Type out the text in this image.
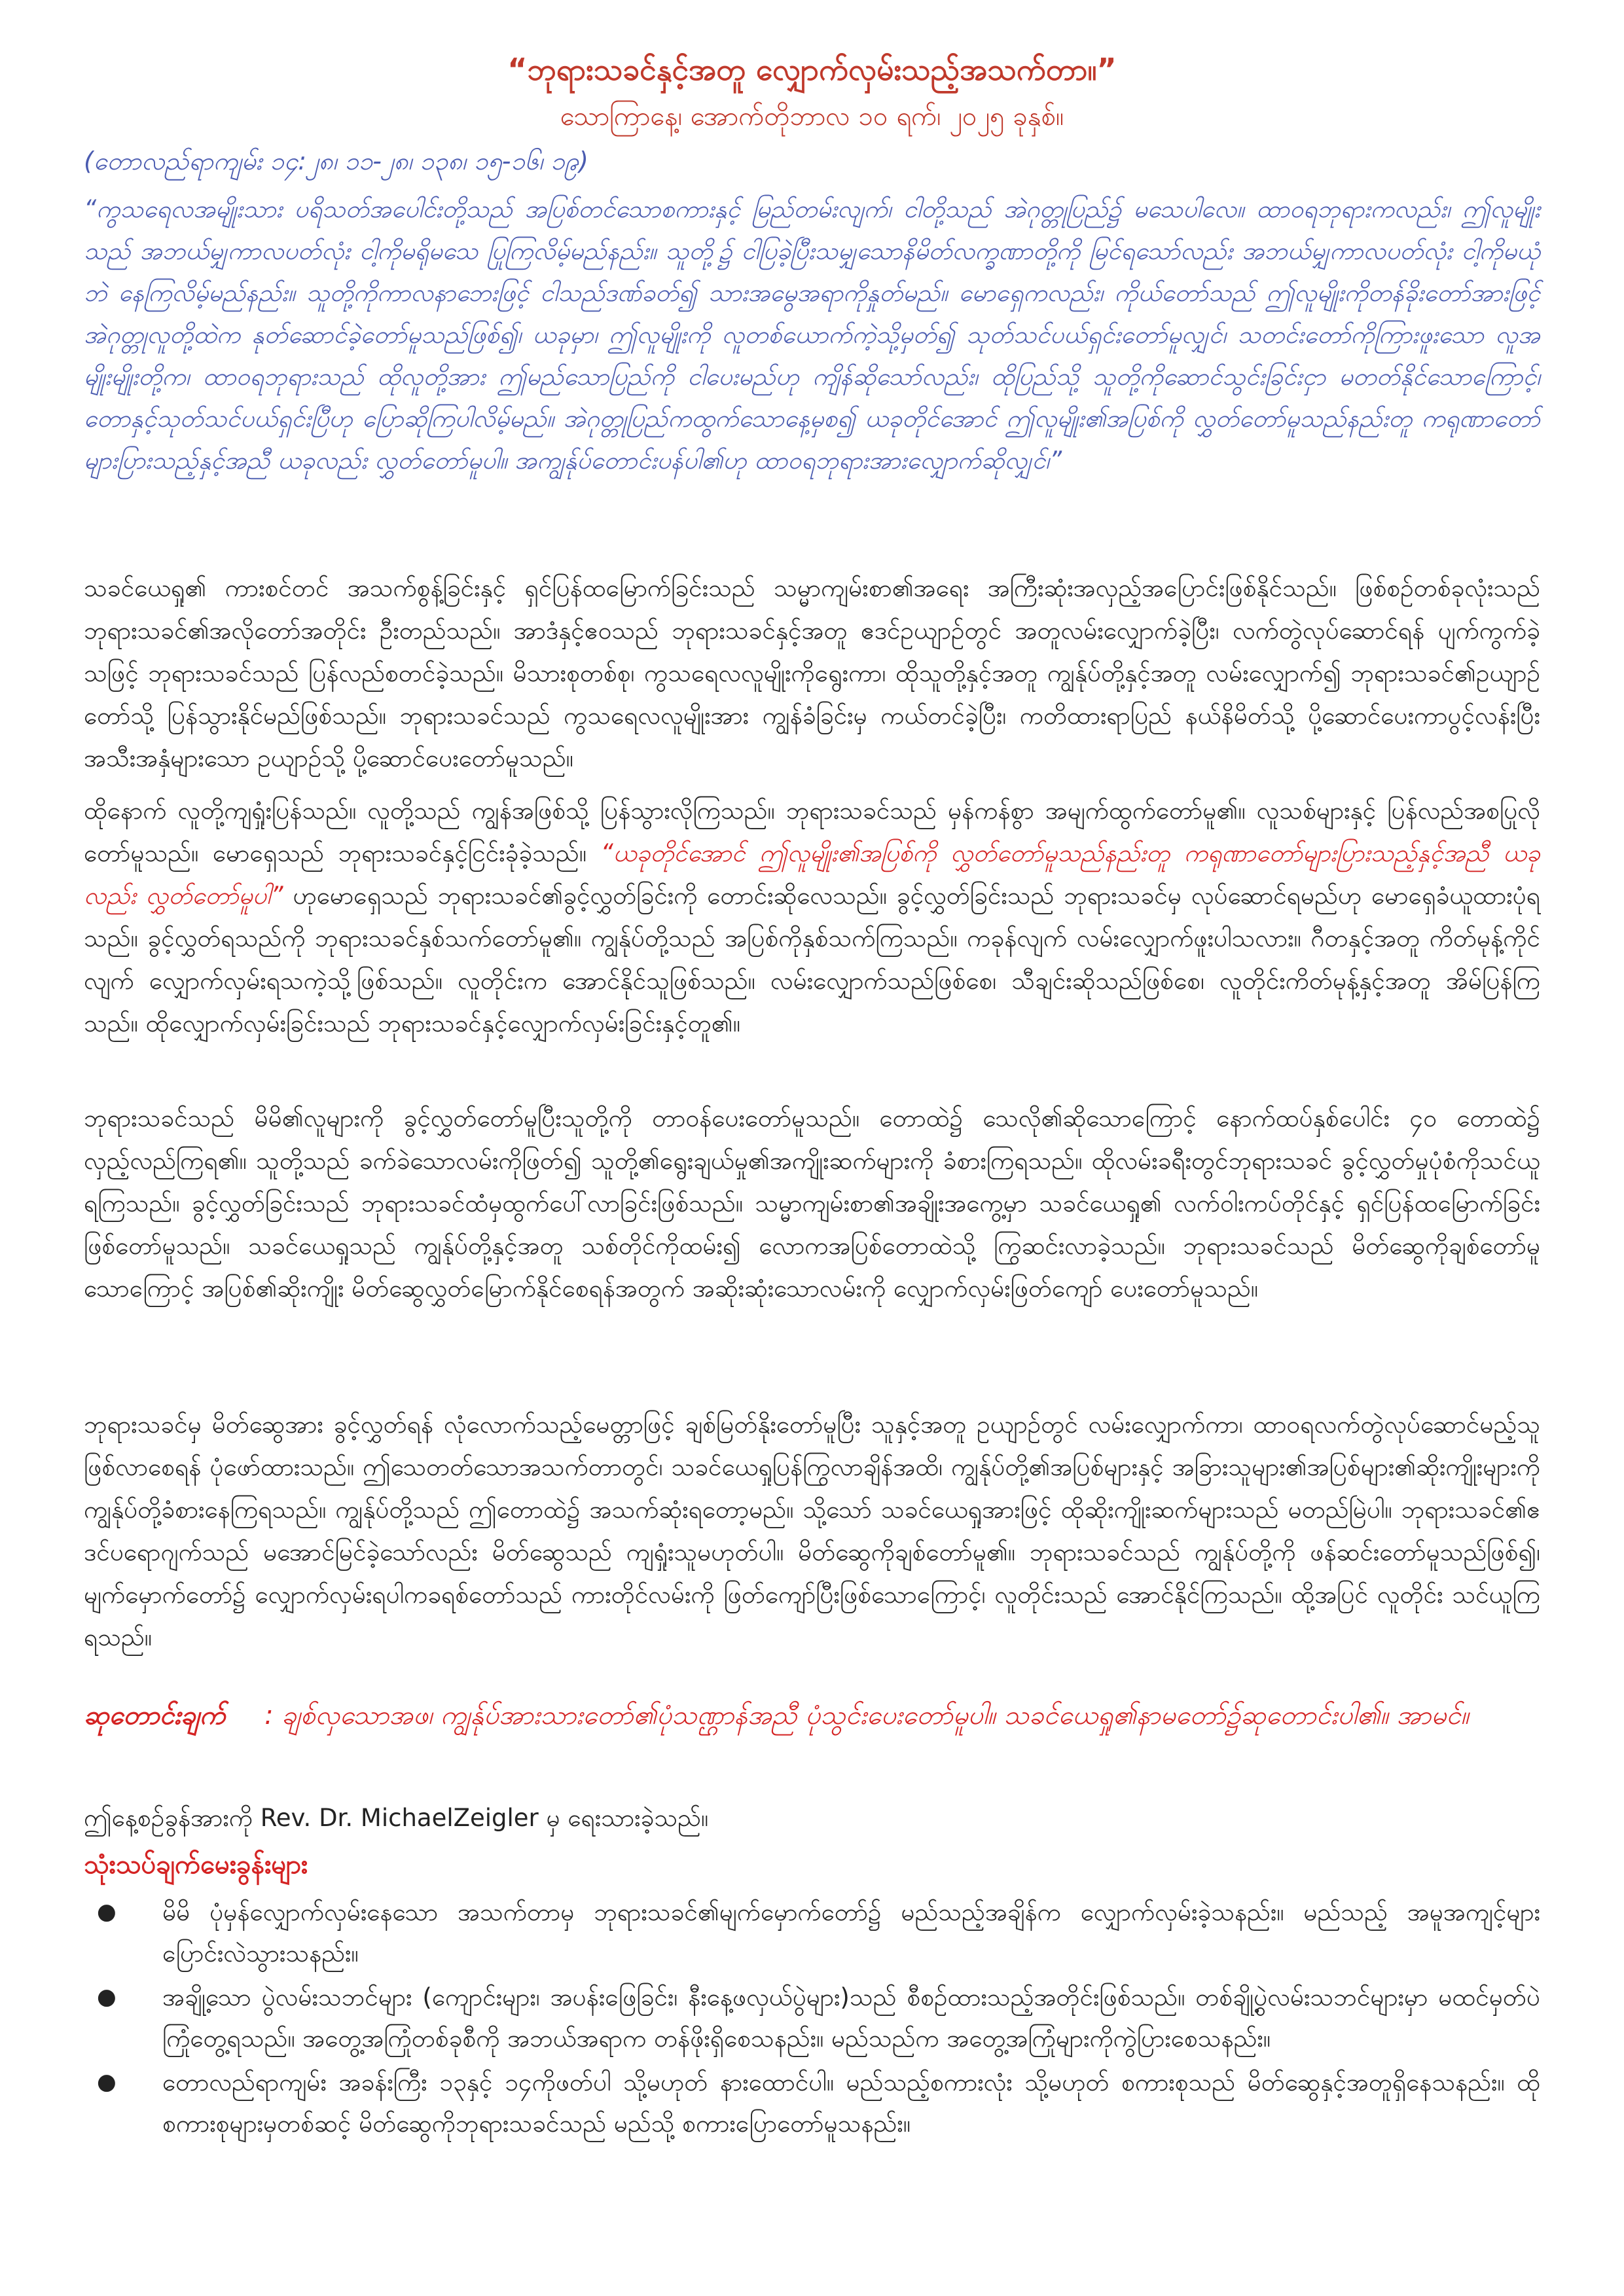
“ဘုရားသခင်နှင့်အတူ လျှောက်လှမ်းသည့်အသက်တာ။”
သောကြာနေ့၊ အောက်တိုဘာလ ၁၀ ရက်၊ ၂၀၂၅ ခုနှစ်။
(တောလည်ရာကျမ်း ၁၄:၂၈၊ ၁၁-၂၈၊ ၁၃၈၊ ၁၅-၁၆၊ ၁၉)
“ကွသရေလအမျိုးသား ပရိသတ်အပေါင်းတို့သည် အပြစ်တင်သောစကားနှင့် မြည်တမ်းလျက်၊ ငါတို့သည် အဲဂုတ္တုပြည်၌ မသေပါလေ။ ထာဝရဘုရားကလည်း၊ ဤလူမျိုးသည် အဘယ်မျှကာလပတ်လုံး ငါ့ကိုမရိုမသေ ပြုကြလိမ့်မည်နည်း။ သူတို့၌ ငါပြခဲ့ပြီးသမျှသောနိမိတ်လက္ခဏာတို့ကို မြင်ရသော်လည်း အဘယ်မျှကာလပတ်လုံး ငါ့ကိုမယုံဘဲ နေကြလိမ့်မည်နည်း။ သူတို့ကိုကာလနာဘေးဖြင့် ငါသည်ဒဏ်ခတ်၍ သားအမွေအရာကိုနှုတ်မည်။ မောရှေကလည်း၊ ကိုယ်တော်သည် ဤလူမျိုးကိုတန်ခိုးတော်အားဖြင့် အဲဂုတ္တုလူတို့ထဲက နုတ်ဆောင်ခဲ့တော်မူသည်ဖြစ်၍၊ ယခုမှာ၊ ဤလူမျိုးကို လူတစ်ယောက်ကဲ့သို့မှတ်၍ သုတ်သင်ပယ်ရှင်းတော်မူလျှင်၊ သတင်းတော်ကိုကြားဖူးသော လူအမျိုးမျိုးတို့က၊ ထာဝရဘုရားသည် ထိုလူတို့အား ဤမည်သောပြည်ကို ငါပေးမည်ဟု ကျိန်ဆိုသော်လည်း၊ ထိုပြည်သို့ သူတို့ကိုဆောင်သွင်းခြင်းငှာ မတတ်နိုင်သောကြောင့်၊ တောနှင့်သုတ်သင်ပယ်ရှင်းပြီဟု ပြောဆိုကြပါလိမ့်မည်။ အဲဂုတ္တုပြည်ကထွက်သောနေ့မှစ၍ ယခုတိုင်အောင် ဤလူမျိုး၏အပြစ်ကို လွှတ်တော်မူသည်နည်းတူ ကရုဏာတော်များပြားသည့်နှင့်အညီ ယခုလည်း လွှတ်တော်မူပါ။ အကျွန်ုပ်တောင်းပန်ပါ၏ဟု ထာဝရဘုရားအားလျှောက်ဆိုလျှင်၊”
သခင်ယေရှု၏ ကားစင်တင် အသက်စွန့်ခြင်းနှင့် ရှင်ပြန်ထမြောက်ခြင်းသည် သမ္မာကျမ်းစာ၏အရေး အကြီးဆုံးအလှည့်အပြောင်းဖြစ်နိုင်သည်။ ဖြစ်စဉ်တစ်ခုလုံးသည် ဘုရားသခင်၏အလိုတော်အတိုင်း ဦးတည်သည်။ အာဒံနှင့်ဧဝသည် ဘုရားသခင်နှင့်အတူ ဧဒင်ဥယျာဉ်တွင် အတူလမ်းလျှောက်ခဲ့ပြီး၊ လက်တွဲလုပ်ဆောင်ရန် ပျက်ကွက်ခဲ့သဖြင့် ဘုရားသခင်သည် ပြန်လည်စတင်ခဲ့သည်။ မိသားစုတစ်စု၊ ကွသရေလလူမျိုးကိုရွေးကာ၊ ထိုသူတို့နှင့်အတူ ကျွန်ုပ်တို့နှင့်အတူ လမ်းလျှောက်၍ ဘုရားသခင်၏ဥယျာဉ်တော်သို့ ပြန်သွားနိုင်မည်ဖြစ်သည်။ ဘုရားသခင်သည် ကွသရေလလူမျိုးအား ကျွန်ခံခြင်းမှ ကယ်တင်ခဲ့ပြီး၊ ကတိထားရာပြည် နယ်နိမိတ်သို့ ပို့ဆောင်ပေးကာပွင့်လန်းပြီး အသီးအနှံများသော ဥယျာဉ်သို့ ပို့ဆောင်ပေးတော်မူသည်။
ထိုနောက် လူတို့ကျရှုံးပြန်သည်။ လူတို့သည် ကျွန်အဖြစ်သို့ ပြန်သွားလိုကြသည်။ ဘုရားသခင်သည် မှန်ကန်စွာ အမျက်ထွက်တော်မူ၏။ လူသစ်များနှင့် ပြန်လည်အစပြုလိုတော်မူသည်။ မောရှေသည် ဘုရားသခင်နှင့်ငြင်းခုံခဲ့သည်။ “ယခုတိုင်အောင် ဤလူမျိုး၏အပြစ်ကို လွှတ်တော်မူသည်နည်းတူ ကရုဏာတော်များပြားသည့်နှင့်အညီ ယခုလည်း လွှတ်တော်မူပါ” ဟုမောရှေသည် ဘုရားသခင်၏ခွင့်လွှတ်ခြင်းကို တောင်းဆိုလေသည်။ ခွင့်လွှတ်ခြင်းသည် ဘုရားသခင်မှ လုပ်ဆောင်ရမည်ဟု မောရှေခံယူထားပုံရသည်။ ခွင့်လွှတ်ရသည်ကို ဘုရားသခင်နှစ်သက်တော်မူ၏။ ကျွန်ုပ်တို့သည် အပြစ်ကိုနှစ်သက်ကြသည်။ ကခုန်လျက် လမ်းလျှောက်ဖူးပါသလား။ ဂီတနှင့်အတူ ကိတ်မုန့်ကိုင်လျက် လျှောက်လှမ်းရသကဲ့သို့ဖြစ်သည်။ လူတိုင်းက အောင်နိုင်သူဖြစ်သည်။ လမ်းလျှောက်သည်ဖြစ်စေ၊ သီချင်းဆိုသည်ဖြစ်စေ၊ လူတိုင်းကိတ်မုန့်နှင့်အတူ အိမ်ပြန်ကြသည်။ ထိုလျှောက်လှမ်းခြင်းသည် ဘုရားသခင်နှင့်လျှောက်လှမ်းခြင်းနှင့်တူ၏။
ဘုရားသခင်သည် မိမိ၏လူများကို ခွင့်လွှတ်တော်မူပြီးသူတို့ကို တာဝန်ပေးတော်မူသည်။ တောထဲ၌ သေလို၏ဆိုသောကြောင့် နောက်ထပ်နှစ်ပေါင်း ၄၀ တောထဲ၌ လှည့်လည်ကြရ၏။ သူတို့သည် ခက်ခဲသောလမ်းကိုဖြတ်၍ သူတို့၏ရွေးချယ်မှု၏အကျိုးဆက်များကို ခံစားကြရသည်။ ထိုလမ်းခရီးတွင်ဘုရားသခင် ခွင့်လွှတ်မှုပုံစံကိုသင်ယူရကြသည်။ ခွင့်လွှတ်ခြင်းသည် ဘုရားသခင်ထံမှထွက်ပေါ်လာခြင်းဖြစ်သည်။ သမ္မာကျမ်းစာ၏အချိုးအကွေ့မှာ သခင်ယေရှု၏ လက်ဝါးကပ်တိုင်နှင့် ရှင်ပြန်ထမြောက်ခြင်းဖြစ်တော်မူသည်။ သခင်ယေရှုသည် ကျွန်ုပ်တို့နှင့်အတူ သစ်တိုင်ကိုထမ်း၍ လောကအပြစ်တောထဲသို့ ကြွဆင်းလာခဲ့သည်။ ဘုရားသခင်သည် မိတ်ဆွေကိုချစ်တော်မူသောကြောင့် အပြစ်၏ဆိုးကျိုး မိတ်ဆွေလွှတ်မြောက်နိုင်စေရန်အတွက် အဆိုးဆုံးသောလမ်းကို လျှောက်လှမ်းဖြတ်ကျော် ပေးတော်မူသည်။
ဘုရားသခင်မှ မိတ်ဆွေအား ခွင့်လွှတ်ရန် လုံလောက်သည့်မေတ္တာဖြင့် ချစ်မြတ်နိုးတော်မူပြီး သူနှင့်အတူ ဥယျာဉ်တွင် လမ်းလျှောက်ကာ၊ ထာဝရလက်တွဲလုပ်ဆောင်မည့်သူ ဖြစ်လာစေရန် ပုံဖော်ထားသည်။ ဤသေတတ်သောအသက်တာတွင်၊ သခင်ယေရှုပြန်ကြွလာချိန်အထိ၊ ကျွန်ုပ်တို့၏အပြစ်များနှင့် အခြားသူများ၏အပြစ်များ၏ဆိုးကျိုးများကို ကျွန်ုပ်တို့ခံစားနေကြရသည်။ ကျွန်ုပ်တို့သည် ဤတောထဲ၌ အသက်ဆုံးရတော့မည်။ သို့သော် သခင်ယေရှုအားဖြင့် ထိုဆိုးကျိုးဆက်များသည် မတည်မြဲပါ။ ဘုရားသခင်၏ဧဒင်ပရောဂျက်သည် မအောင်မြင်ခဲ့သော်လည်း မိတ်ဆွေသည် ကျရှုံးသူမဟုတ်ပါ။ မိတ်ဆွေကိုချစ်တော်မူ၏။ ဘုရားသခင်သည် ကျွန်ုပ်တို့ကို ဖန်ဆင်းတော်မူသည်ဖြစ်၍၊ မျက်မှောက်တော်၌ လျှောက်လှမ်းရပါကခရစ်တော်သည် ကားတိုင်လမ်းကို ဖြတ်ကျော်ပြီးဖြစ်သောကြောင့်၊ လူတိုင်းသည် အောင်နိုင်ကြသည်။ ထို့အပြင် လူတိုင်း သင်ယူကြရသည်။
ဆုတောင်းချက် : ချစ်လှသောအဖ၊ ကျွန်ုပ်အားသားတော်၏ပုံသဏ္ဌာန်အညီ ပုံသွင်းပေးတော်မူပါ။ သခင်ယေရှု၏နာမတော်၌ဆုတောင်းပါ၏။ အာမင်။
ဤနေ့စဉ်ခွန်အားကို Rev. Dr. MichaelZeigler မှ ရေးသားခဲ့သည်။
သုံးသပ်ချက်မေးခွန်းများ
● မိမိ ပုံမှန်လျှောက်လှမ်းနေသော အသက်တာမှ ဘုရားသခင်၏မျက်မှောက်တော်၌ မည်သည့်အချိန်က လျှောက်လှမ်းခဲ့သနည်း။ မည်သည့် အမူအကျင့်များ ပြောင်းလဲသွားသနည်း။
● အချို့သော ပွဲလမ်းသဘင်များ (ကျောင်းများ၊ အပန်းဖြေခြင်း၊ နီးနေ့ဖလှယ်ပွဲများ)သည် စီစဉ်ထားသည့်အတိုင်းဖြစ်သည်။ တစ်ချို့ပွဲလမ်းသဘင်များမှာ မထင်မှတ်ပဲ ကြုံတွေ့ရသည်။ အတွေ့အကြုံတစ်ခုစီကို အဘယ်အရာက တန်ဖိုးရှိစေသနည်း။ မည်သည်က အတွေ့အကြုံများကိုကွဲပြားစေသနည်း။
● တောလည်ရာကျမ်း အခန်းကြီး ၁၃နှင့် ၁၄ကိုဖတ်ပါ သို့မဟုတ် နားထောင်ပါ။ မည်သည့်စကားလုံး သို့မဟုတ် စကားစုသည် မိတ်ဆွေနှင့်အတူရှိနေသနည်း။ ထိုစကားစုများမှတစ်ဆင့် မိတ်ဆွေကိုဘုရားသခင်သည် မည်သို့ စကားပြောတော်မူသနည်း။
